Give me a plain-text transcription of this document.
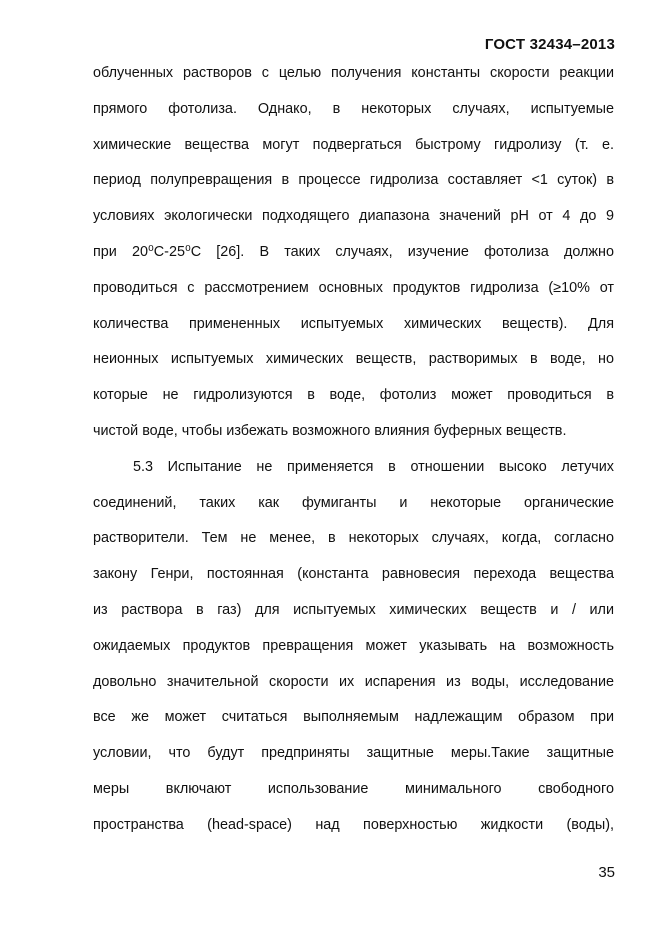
ГОСТ 32434–2013
облученных растворов с целью получения константы скорости реакции
прямого фотолиза. Однако, в некоторых случаях, испытуемые
химические вещества могут подвергаться быстрому гидролизу (т. е.
период полупревращения в процессе гидролиза составляет <1 суток) в
условиях экологически подходящего диапазона значений pH от 4 до 9
при 20⁰C-25⁰C [26]. В таких случаях, изучение фотолиза должно
проводиться с рассмотрением основных продуктов гидролиза (≥10% от
количества примененных испытуемых химических веществ). Для
неионных испытуемых химических веществ, растворимых в воде, но
которые не гидролизуются в воде, фотолиз может проводиться в
чистой воде, чтобы избежать возможного влияния буферных веществ.
5.3 Испытание не применяется в отношении высоко летучих
соединений, таких как фумиганты и некоторые органические
растворители. Тем не менее, в некоторых случаях, когда, согласно
закону Генри, постоянная (константа равновесия перехода вещества
из раствора в газ) для испытуемых химических веществ и / или
ожидаемых продуктов превращения может указывать на возможность
довольно значительной скорости их испарения из воды, исследование
все же может считаться выполняемым надлежащим образом при
условии, что будут предприняты защитные меры.Такие защитные
меры включают использование минимального свободного
пространства (head-space) над поверхностью жидкости (воды),
35
